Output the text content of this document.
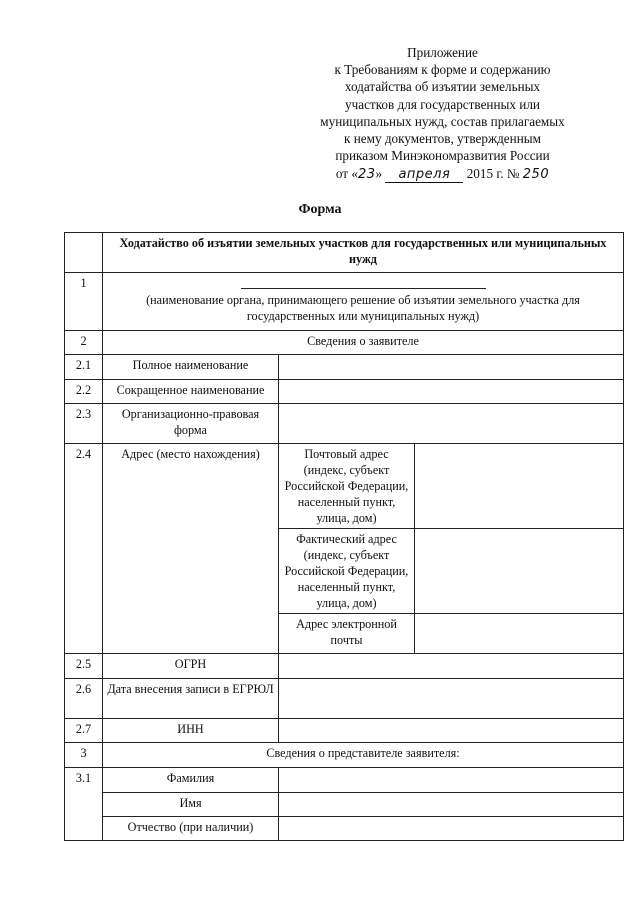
Приложение
к Требованиям к форме и содержанию
ходатайства об изъятии земельных
участков для государственных или
муниципальных нужд, состав прилагаемых
к нему документов, утвержденным
приказом Минэкономразвития России
от «23» апреля 2015 г. № 250
Форма
	Ходатайство об изъятии земельных участков для государственных или муниципальных нужд		
1	(наименование органа, принимающего решение об изъятии земельного участка для государственных или муниципальных нужд)		

2	Сведения о заявителе		
2.1	Полное наименование		
2.2	Сокращенное наименование		
2.3	Организационно-правовая форма		
2.4	Адрес (место нахождения)	Почтовый адрес (индекс, субъект Российской Федерации, населенный пункт, улица, дом)	
		Фактический адрес (индекс, субъект Российской Федерации, населенный пункт, улица, дом)	
		Адрес электронной почты	
2.5	ОГРН		
2.6	Дата внесения записи в ЕГРЮЛ		
2.7	ИНН		
3	Сведения о представителе заявителя:		
3.1	Фамилия		
	Имя		
	Отчество (при наличии)		
